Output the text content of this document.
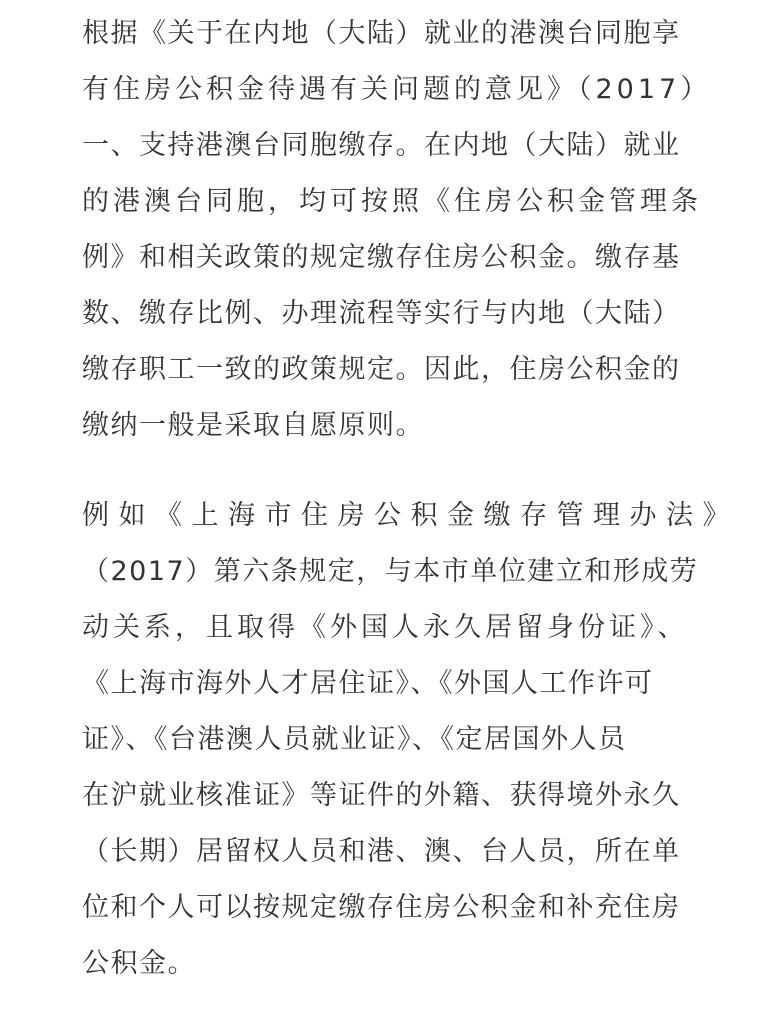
根据《关于在内地（大陆）就业的港澳台同胞享
有住房公积金待遇有关问题的意见》（2017）
一、支持港澳台同胞缴存。在内地（大陆）就业
的港澳台同胞，均可按照《住房公积金管理条
例》和相关政策的规定缴存住房公积金。缴存基
数、缴存比例、办理流程等实行与内地（大陆）
缴存职工一致的政策规定。因此，住房公积金的
缴纳一般是采取自愿原则。
例如《上海市住房公积金缴存管理办法》
（2017）第六条规定，与本市单位建立和形成劳
动关系，且取得《外国人永久居留身份证》、
《上海市海外人才居住证》、《外国人工作许可
证》、《台港澳人员就业证》、《定居国外人员
在沪就业核准证》等证件的外籍、获得境外永久
（长期）居留权人员和港、澳、台人员，所在单
位和个人可以按规定缴存住房公积金和补充住房
公积金。
